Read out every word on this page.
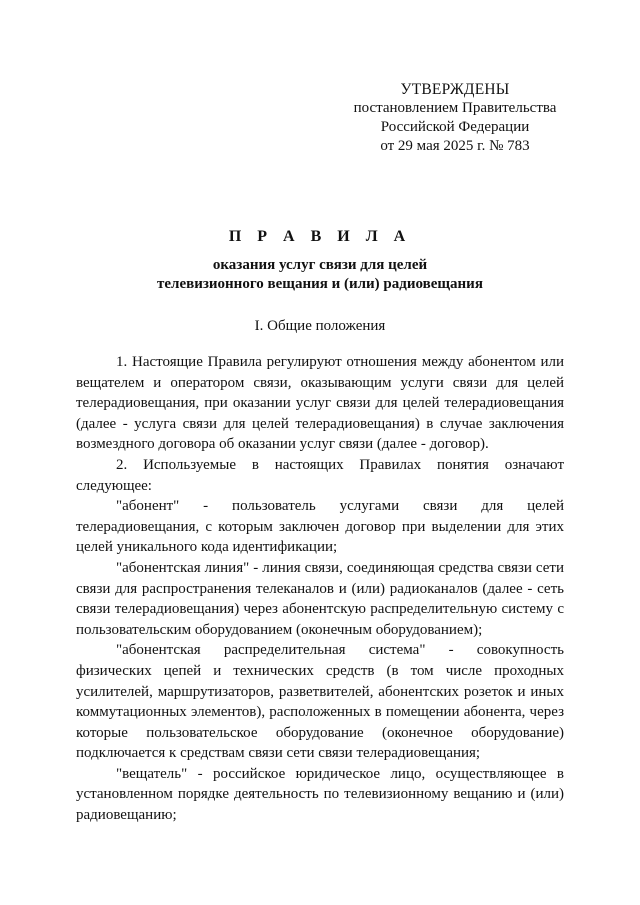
УТВЕРЖДЕНЫ
постановлением Правительства
Российской Федерации
от 29 мая 2025 г. № 783
П Р А В И Л А
оказания услуг связи для целей
телевизионного вещания и (или) радиовещания
I. Общие положения

1. Настоящие Правила регулируют отношения между абонентом или вещателем и оператором связи, оказывающим услуги связи для целей телерадиовещания, при оказании услуг связи для целей телерадиовещания (далее - услуга связи для целей телерадиовещания) в случае заключения возмездного договора об оказании услуг связи (далее - договор).

2. Используемые в настоящих Правилах понятия означают следующее:

"абонент" - пользователь услугами связи для целей телерадиовещания, с которым заключен договор при выделении для этих целей уникального кода идентификации;

"абонентская линия" - линия связи, соединяющая средства связи сети связи для распространения телеканалов и (или) радиоканалов (далее - сеть связи телерадиовещания) через абонентскую распределительную систему с пользовательским оборудованием (оконечным оборудованием);

"абонентская распределительная система" - совокупность физических цепей и технических средств (в том числе проходных усилителей, маршрутизаторов, разветвителей, абонентских розеток и иных коммутационных элементов), расположенных в помещении абонента, через которые пользовательское оборудование (оконечное оборудование) подключается к средствам связи сети связи телерадиовещания;

"вещатель" - российское юридическое лицо, осуществляющее в установленном порядке деятельность по телевизионному вещанию и (или) радиовещанию;
